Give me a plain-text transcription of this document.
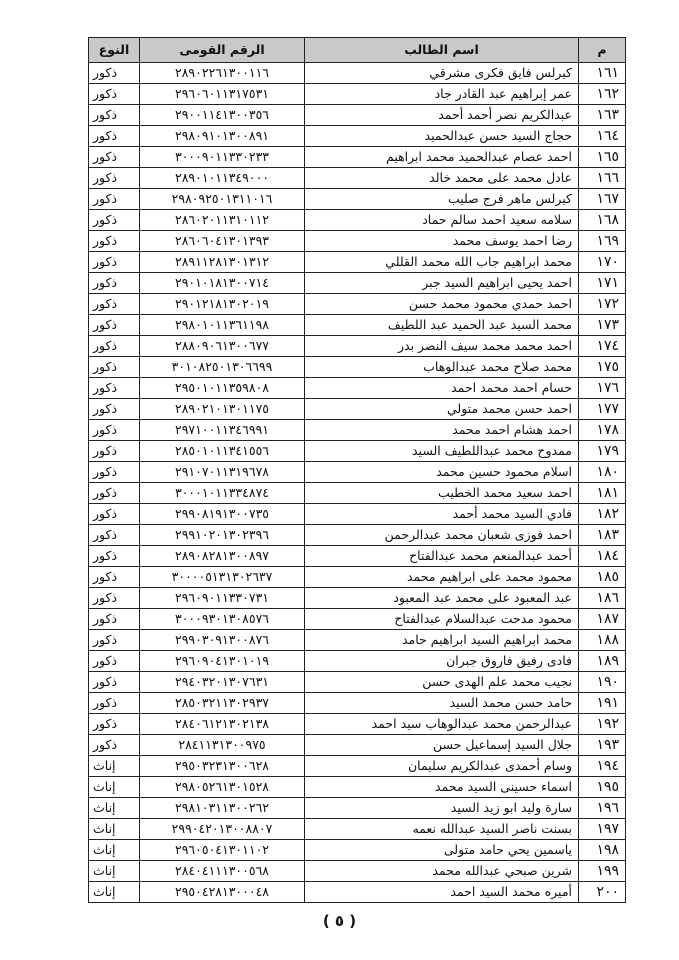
م	اسم الطالب	الرقم القومى	النوع
١٦١	كيرلس فايق فكرى مشرقي	٢٨٩٠٢٢٦١٣٠٠١١٦	ذكور
١٦٢	عمر إبراهيم عبد القادر جاد	٢٩٦٠٦٠١١٣١٧٥٣١	ذكور
١٦٣	عبدالكريم نصر أحمد أحمد	٢٩٠٠١١٤١٣٠٠٣٥٦	ذكور
١٦٤	حجاج السيد حسن عبدالحميد	٢٩٨٠٩١٠١٣٠٠٨٩١	ذكور
١٦٥	احمد عصام عبدالحميد محمد ابراهيم	٣٠٠٠٩٠١١٣٣٠٢٣٣	ذكور
١٦٦	عادل محمد على محمد خالد	٢٨٩٠١٠١١٣٤٩٠٠٠	ذكور
١٦٧	كيرلس ماهر فرج صليب	٢٩٨٠٩٢٥٠١٣١١٠١٦	ذكور
١٦٨	سلامه سعيد احمد سالم حماد	٢٨٦٠٢٠١١٣١٠١١٢	ذكور
١٦٩	رضا احمد يوسف محمد	٢٨٦٠٦٠٤١٣٠١٣٩٣	ذكور
١٧٠	محمد ابراهيم جاب الله محمد القللي	٢٨٩١١٢٨١٣٠١٣١٢	ذكور
١٧١	احمد يحيى ابراهيم السيد جبر	٢٩٠١٠١٨١٣٠٠٧١٤	ذكور
١٧٢	احمد حمدي محمود محمد حسن	٢٩٠١٢١٨١٣٠٢٠١٩	ذكور
١٧٣	محمد السيد عبد الحميد عبد اللطيف	٢٩٨٠١٠١١٣٦١١٩٨	ذكور
١٧٤	احمد محمد محمد سيف النصر بدر	٢٨٨٠٩٠٦١٣٠٠٦٧٧	ذكور
١٧٥	محمد صلاح محمد عبدالوهاب	٣٠١٠٨٢٥٠١٣٠٦٦٩٩	ذكور
١٧٦	حسام احمد محمد احمد	٢٩٥٠١٠١١٣٥٩٨٠٨	ذكور
١٧٧	احمد حسن محمد متولي	٢٨٩٠٢١٠١٣٠١١٧٥	ذكور
١٧٨	احمد هشام احمد محمد	٢٩٧١٠٠١١٣٤٦٩٩١	ذكور
١٧٩	ممدوح محمد عبداللطيف السيد	٢٨٥٠١٠١١٣٤١٥٥٦	ذكور
١٨٠	اسلام محمود حسين محمد	٢٩١٠٧٠١١٣١٩٦٧٨	ذكور
١٨١	احمد سعيد محمد الخطيب	٣٠٠٠١٠١١٣٣٤٨٧٤	ذكور
١٨٢	فادي السيد محمد أحمد	٢٩٩٠٨١٩١٣٠٠٧٣٥	ذكور
١٨٣	احمد فوزى شعبان محمد عبدالرحمن	٢٩٩١٠٢٠١٣٠٢٣٩٦	ذكور
١٨٤	أحمد عبدالمنعم محمد عبدالفتاح	٢٨٩٠٨٢٨١٣٠٠٨٩٧	ذكور
١٨٥	محمود محمد على ابراهيم محمد	٣٠٠٠٠٥١٣١٣٠٢٦٣٧	ذكور
١٨٦	عبد المعبود على محمد عبد المعبود	٢٩٦٠٩٠١١٣٣٠٧٣١	ذكور
١٨٧	محمود مدحت عبدالسلام عبدالفتاح	٣٠٠٠٩٣٠١٣٠٨٥٧٦	ذكور
١٨٨	محمد ابراهيم السيد ابراهيم حامد	٢٩٩٠٣٠٩١٣٠٠٨٧٦	ذكور
١٨٩	فادى رفيق فاروق جبران	٢٩٦٠٩٠٤١٣٠١٠١٩	ذكور
١٩٠	نجيب محمد علم الهدى حسن	٢٩٤٠٣٢٠١٣٠٧٦٣١	ذكور
١٩١	حامد حسن محمد السيد	٢٨٥٠٣٢١١٣٠٢٩٣٧	ذكور
١٩٢	عبدالرحمن محمد عبدالوهاب سيد احمد	٢٨٤٠٦١٢١٣٠٢١٣٨	ذكور
١٩٣	جلال السيد إسماعيل حسن	٢٨٤١١٣١٣٠٠٩٧٥	ذكور
١٩٤	وسام أحمدى عبدالكريم سليمان	٢٩٥٠٣٢٣١٣٠٠٦٢٨	إناث
١٩٥	اسماء حسينى السيد محمد	٢٩٨٠٥٢٦١٣٠١٥٢٨	إناث
١٩٦	سارة وليد ابو زيد السيد	٢٩٨١٠٣١١٣٠٠٢٦٢	إناث
١٩٧	بسنت ناصر السيد عبدالله نعمه	٢٩٩٠٤٢٠١٣٠٠٨٨٠٧	إناث
١٩٨	ياسمين يحي حامد متولى	٢٩٦٠٥٠٤١٣٠١١٠٢	إناث
١٩٩	شرين صبحي عبدالله محمد	٢٨٤٠٤١١١٣٠٠٥٦٨	إناث
٢٠٠	أميره محمد السيد احمد	٢٩٥٠٤٢٨١٣٠٠٠٤٨	إناث
( ٥ )
